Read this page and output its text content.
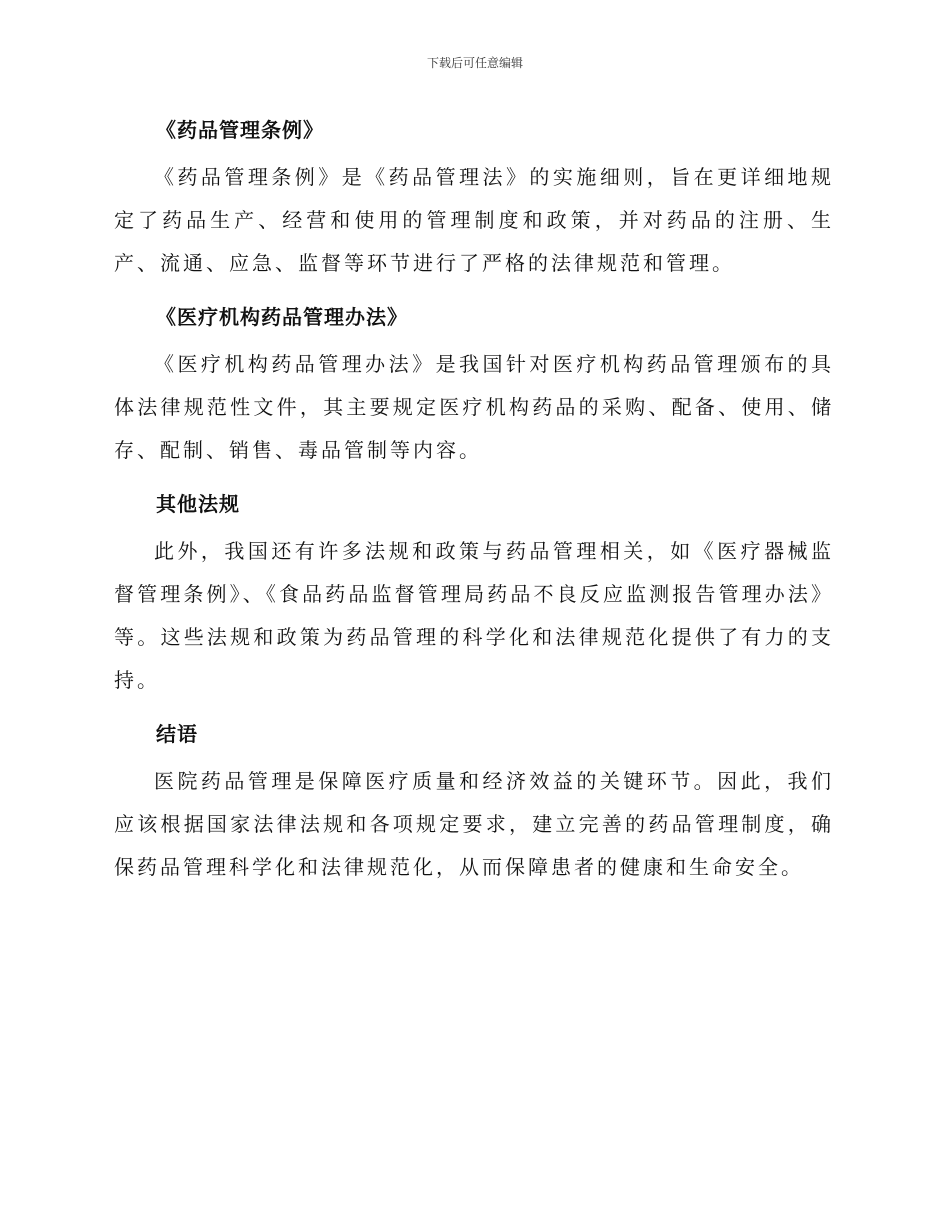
下载后可任意编辑
《药品管理条例》

《药品管理条例》是《药品管理法》的实施细则，旨在更详细地规定了药品生产、经营和使用的管理制度和政策，并对药品的注册、生产、流通、应急、监督等环节进行了严格的法律规范和管理。

《医疗机构药品管理办法》

《医疗机构药品管理办法》是我国针对医疗机构药品管理颁布的具体法律规范性文件，其主要规定医疗机构药品的采购、配备、使用、储存、配制、销售、毒品管制等内容。

其他法规

此外，我国还有许多法规和政策与药品管理相关，如《医疗器械监督管理条例》、《食品药品监督管理局药品不良反应监测报告管理办法》等。这些法规和政策为药品管理的科学化和法律规范化提供了有力的支持。

结语

医院药品管理是保障医疗质量和经济效益的关键环节。因此，我们应该根据国家法律法规和各项规定要求，建立完善的药品管理制度，确保药品管理科学化和法律规范化，从而保障患者的健康和生命安全。
